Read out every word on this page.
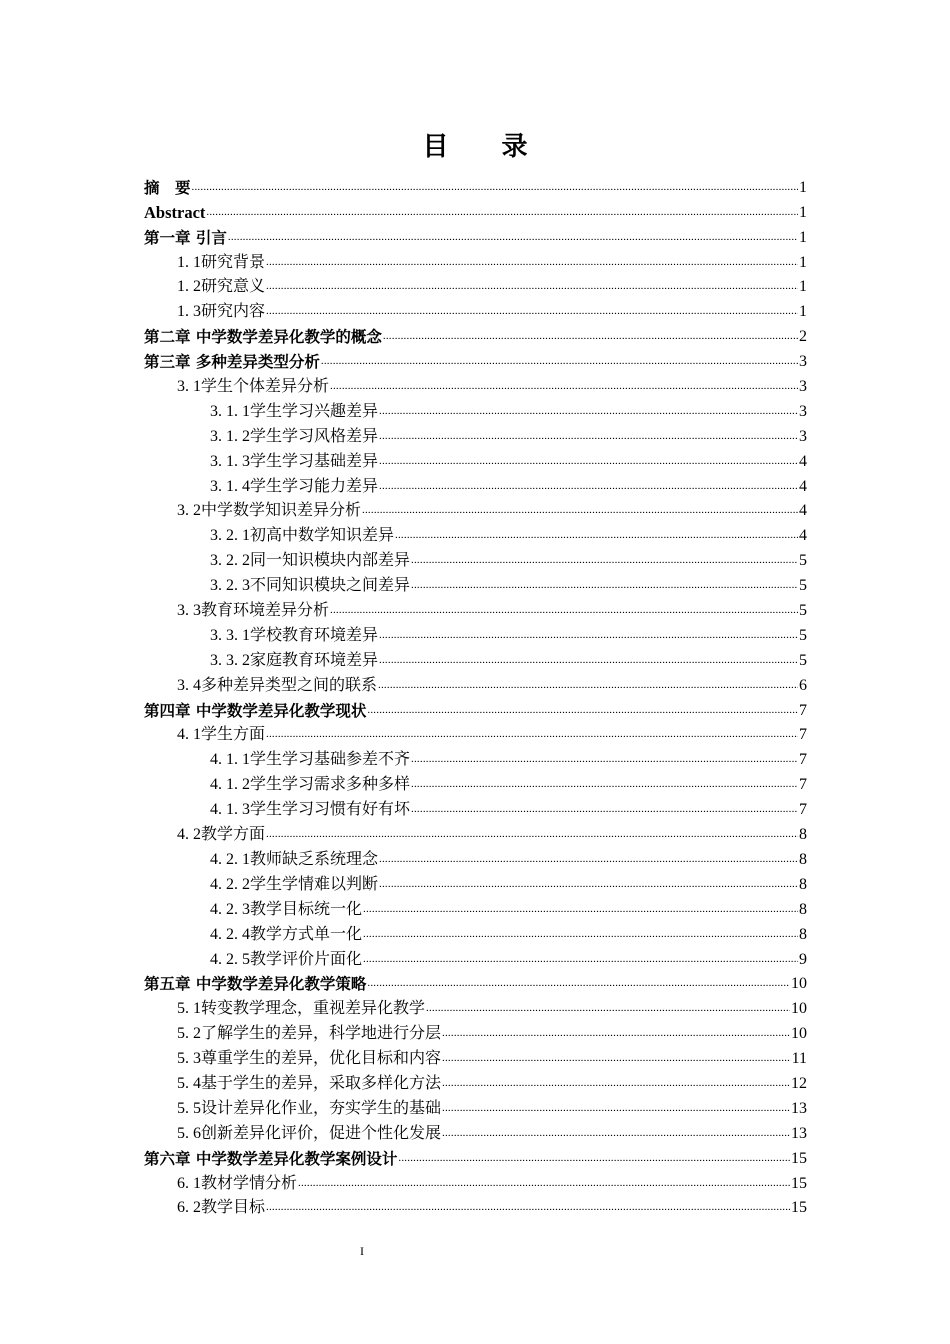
目 录
摘　要 .....	1
Abstract .....	1
第一章 引言 .....	1
1. 1研究背景 .....	1
1. 2研究意义 .....	1
1. 3研究内容 .....	1
第二章 中学数学差异化教学的概念 .....	2
第三章 多种差异类型分析 .....	3
3. 1学生个体差异分析 .....	3
3. 1. 1学生学习兴趣差异 .....	3
3. 1. 2学生学习风格差异 .....	3
3. 1. 3学生学习基础差异 .....	4
3. 1. 4学生学习能力差异 .....	4
3. 2中学数学知识差异分析 .....	4
3. 2. 1初高中数学知识差异 .....	4
3. 2. 2同一知识模块内部差异 .....	5
3. 2. 3不同知识模块之间差异 .....	5
3. 3教育环境差异分析 .....	5
3. 3. 1学校教育环境差异 .....	5
3. 3. 2家庭教育环境差异 .....	5
3. 4多种差异类型之间的联系 .....	6
第四章 中学数学差异化教学现状 .....	7
4. 1学生方面 .....	7
4. 1. 1学生学习基础参差不齐 .....	7
4. 1. 2学生学习需求多种多样 .....	7
4. 1. 3学生学习习惯有好有坏 .....	7
4. 2教学方面 .....	8
4. 2. 1教师缺乏系统理念 .....	8
4. 2. 2学生学情难以判断 .....	8
4. 2. 3教学目标统一化 .....	8
4. 2. 4教学方式单一化 .....	8
4. 2. 5教学评价片面化 .....	9
第五章 中学数学差异化教学策略 .....	10
5. 1转变教学理念，重视差异化教学 .....	10
5. 2了解学生的差异，科学地进行分层 .....	10
5. 3尊重学生的差异，优化目标和内容 .....	11
5. 4基于学生的差异，采取多样化方法 .....	12
5. 5设计差异化作业，夯实学生的基础 .....	13
5. 6创新差异化评价，促进个性化发展 .....	13
第六章 中学数学差异化教学案例设计 .....	15
6. 1教材学情分析 .....	15
6. 2教学目标 .....	15
I
